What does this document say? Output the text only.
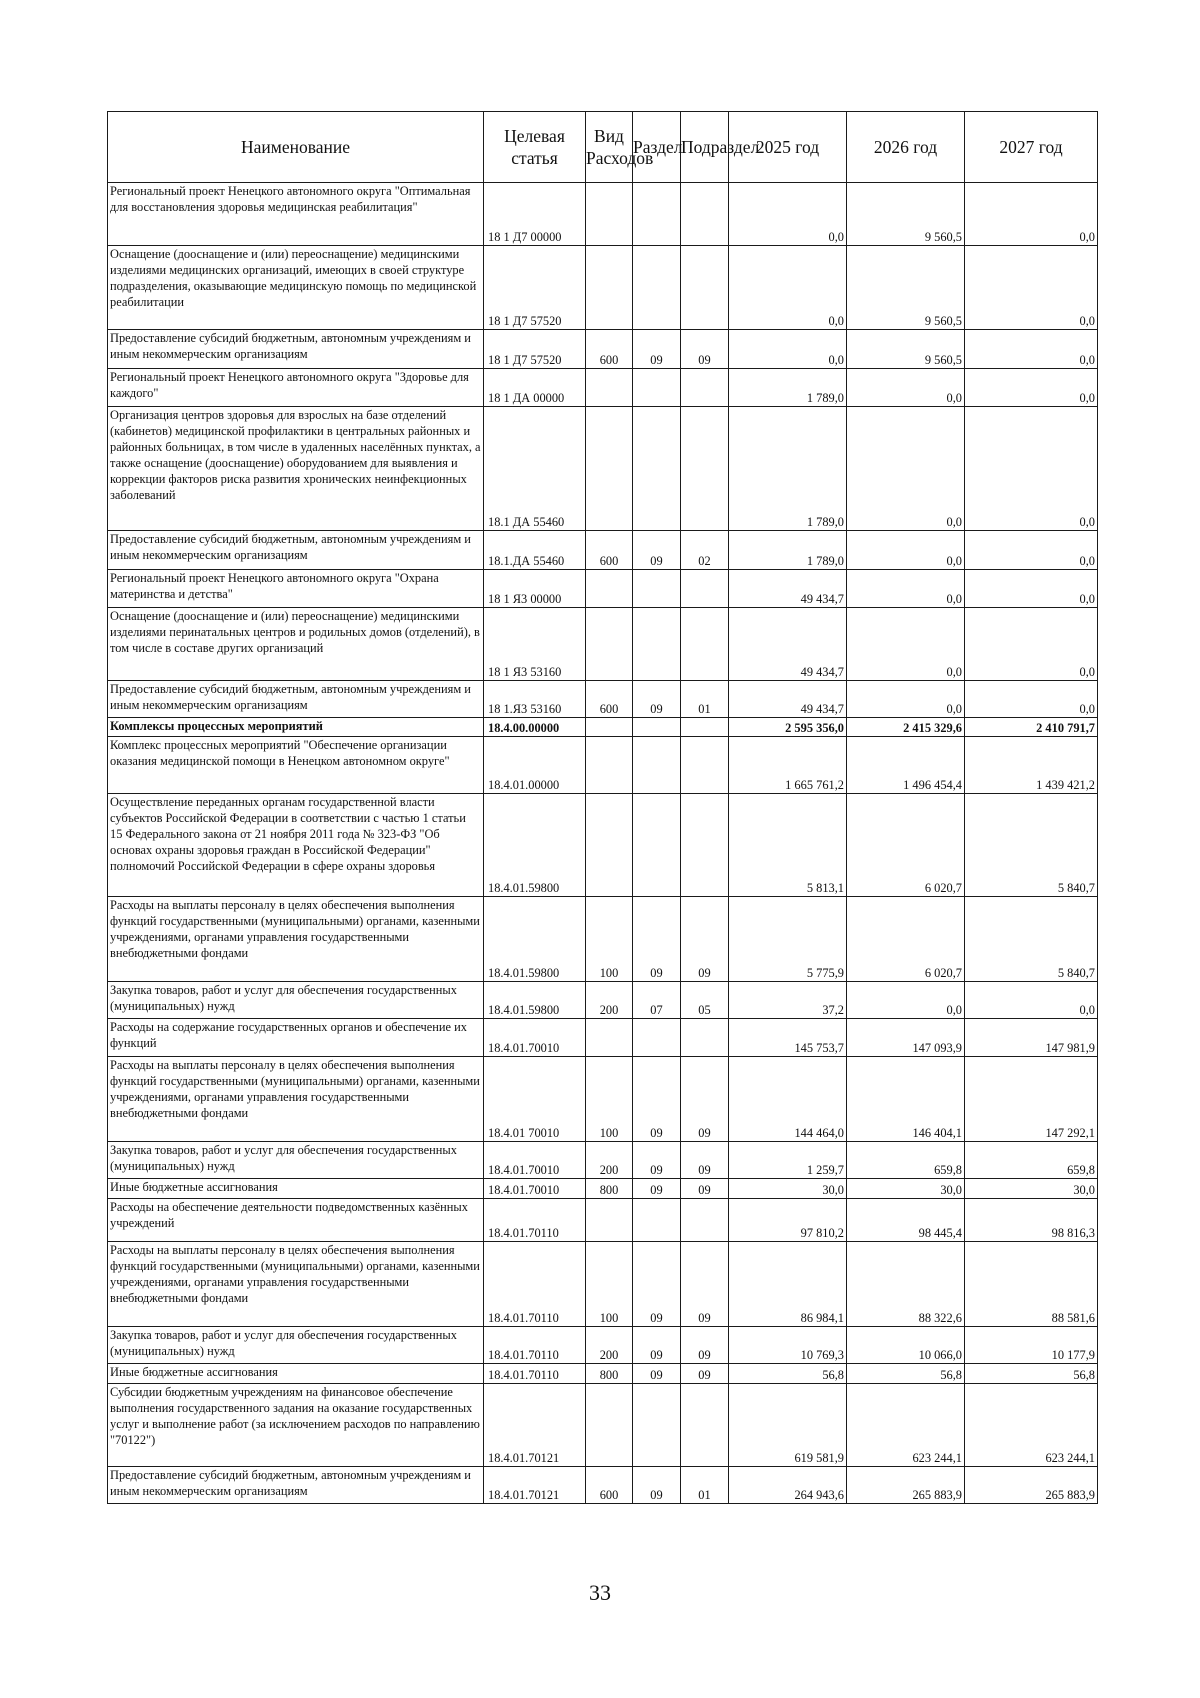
Наименование	Целевая статья	Вид Расходов	Раздел	Подраздел	2025 год	2026 год	2027 год
Региональный проект Ненецкого автономного округа "Оптимальная для восстановления здоровья медицинская реабилитация"	18 1 Д7 00000				0,0	9 560,5	0,0
Оснащение (дооснащение и (или) переоснащение) медицинскими изделиями медицинских организаций, имеющих в своей структуре подразделения, оказывающие медицинскую помощь по медицинской реабилитации	18 1 Д7 57520				0,0	9 560,5	0,0
Предоставление субсидий бюджетным, автономным учреждениям и иным некоммерческим организациям	18 1 Д7 57520	600	09	09	0,0	9 560,5	0,0
Региональный проект Ненецкого автономного округа "Здоровье для каждого"	18 1 ДА 00000				1 789,0	0,0	0,0
Организация центров здоровья для взрослых на базе отделений (кабинетов) медицинской профилактики в центральных районных и районных больницах, в том числе в удаленных населённых пунктах, а также оснащение (дооснащение) оборудованием для выявления и коррекции факторов риска развития хронических неинфекционных заболеваний	18.1 ДА 55460				1 789,0	0,0	0,0
Предоставление субсидий бюджетным, автономным учреждениям и иным некоммерческим организациям	18.1.ДА 55460	600	09	02	1 789,0	0,0	0,0
Региональный проект Ненецкого автономного округа "Охрана материнства и детства"	18 1 Я3 00000				49 434,7	0,0	0,0
Оснащение (дооснащение и (или) переоснащение) медицинскими изделиями перинатальных центров и родильных домов (отделений), в том числе в составе других организаций	18 1 Я3 53160				49 434,7	0,0	0,0
Предоставление субсидий бюджетным, автономным учреждениям и иным некоммерческим организациям	18 1.Я3 53160	600	09	01	49 434,7	0,0	0,0
Комплексы процессных мероприятий	18.4.00.00000				2 595 356,0	2 415 329,6	2 410 791,7
Комплекс процессных мероприятий "Обеспечение организации оказания медицинской помощи в Ненецком автономном округе"	18.4.01.00000				1 665 761,2	1 496 454,4	1 439 421,2
Осуществление переданных органам государственной власти субъектов Российской Федерации в соответствии с частью 1 статьи 15 Федерального закона от 21 ноября 2011 года № 323-ФЗ "Об основах охраны здоровья граждан в Российской Федерации" полномочий Российской Федерации в сфере охраны здоровья	18.4.01.59800				5 813,1	6 020,7	5 840,7
Расходы на выплаты персоналу в целях обеспечения выполнения функций государственными (муниципальными) органами, казенными учреждениями, органами управления государственными внебюджетными фондами	18.4.01.59800	100	09	09	5 775,9	6 020,7	5 840,7
Закупка товаров, работ и услуг для обеспечения государственных (муниципальных) нужд	18.4.01.59800	200	07	05	37,2	0,0	0,0
Расходы на содержание государственных органов и обеспечение их функций	18.4.01.70010				145 753,7	147 093,9	147 981,9
Расходы на выплаты персоналу в целях обеспечения выполнения функций государственными (муниципальными) органами, казенными учреждениями, органами управления государственными внебюджетными фондами	18.4.01 70010	100	09	09	144 464,0	146 404,1	147 292,1
Закупка товаров, работ и услуг для обеспечения государственных (муниципальных) нужд	18.4.01.70010	200	09	09	1 259,7	659,8	659,8
Иные бюджетные ассигнования	18.4.01.70010	800	09	09	30,0	30,0	30,0
Расходы на обеспечение деятельности подведомственных казённых учреждений	18.4.01.70110				97 810,2	98 445,4	98 816,3
Расходы на выплаты персоналу в целях обеспечения выполнения функций государственными (муниципальными) органами, казенными учреждениями, органами управления государственными внебюджетными фондами	18.4.01.70110	100	09	09	86 984,1	88 322,6	88 581,6
Закупка товаров, работ и услуг для обеспечения государственных (муниципальных) нужд	18.4.01.70110	200	09	09	10 769,3	10 066,0	10 177,9
Иные бюджетные ассигнования	18.4.01.70110	800	09	09	56,8	56,8	56,8
Субсидии бюджетным учреждениям на финансовое обеспечение выполнения государственного задания на оказание государственных услуг и выполнение работ (за исключением расходов по направлению "70122")	18.4.01.70121				619 581,9	623 244,1	623 244,1
Предоставление субсидий бюджетным, автономным учреждениям и иным некоммерческим организациям	18.4.01.70121	600	09	01	264 943,6	265 883,9	265 883,9
33
